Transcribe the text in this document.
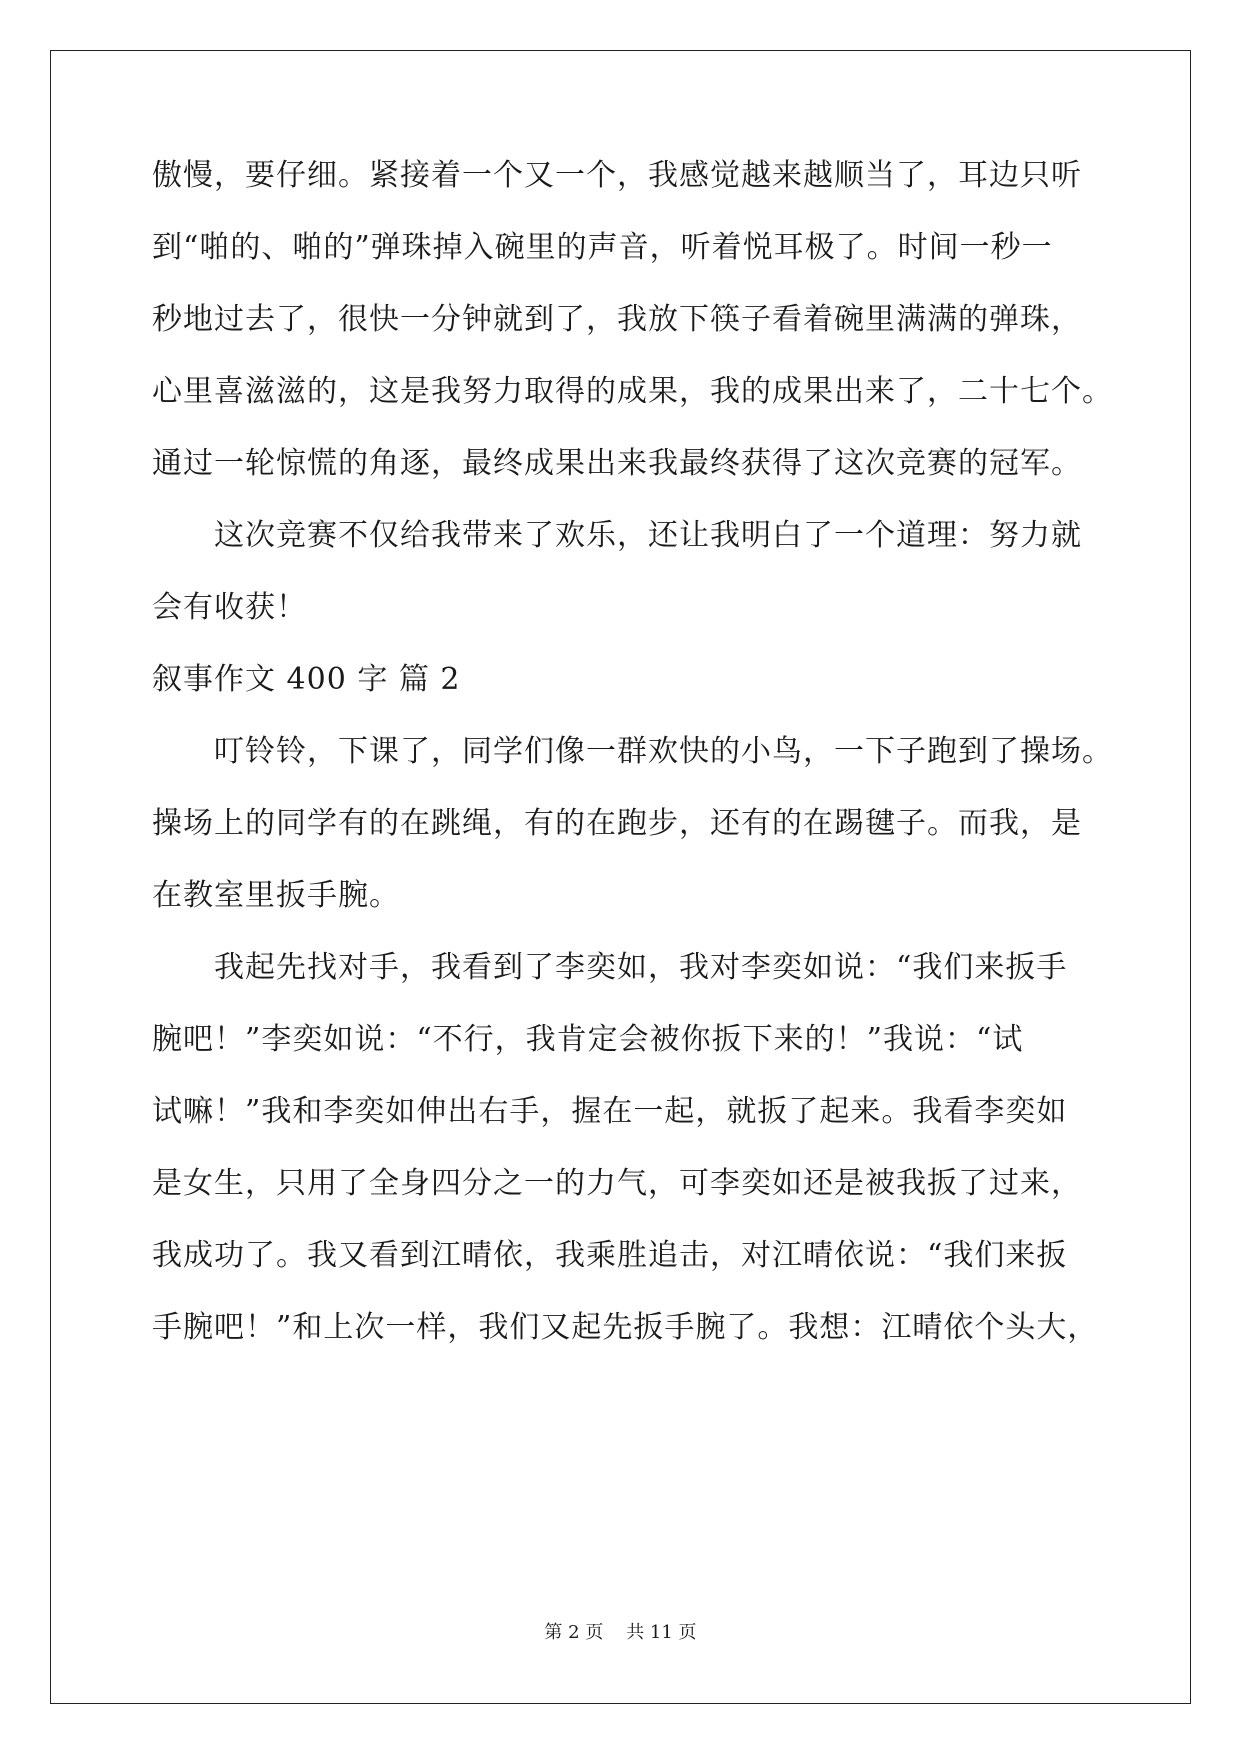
傲慢，要仔细。紧接着一个又一个，我感觉越来越顺当了，耳边只听
到“啪的、啪的”弹珠掉入碗里的声音，听着悦耳极了。时间一秒一
秒地过去了，很快一分钟就到了，我放下筷子看着碗里满满的弹珠，
心里喜滋滋的，这是我努力取得的成果，我的成果出来了，二十七个。
通过一轮惊慌的角逐，最终成果出来我最终获得了这次竞赛的冠军。
这次竞赛不仅给我带来了欢乐，还让我明白了一个道理：努力就
会有收获！
叙事作文 400 字 篇 2
叮铃铃，下课了，同学们像一群欢快的小鸟，一下子跑到了操场。
操场上的同学有的在跳绳，有的在跑步，还有的在踢毽子。而我，是
在教室里扳手腕。
我起先找对手，我看到了李奕如，我对李奕如说：“我们来扳手
腕吧！”李奕如说：“不行，我肯定会被你扳下来的！”我说：“试
试嘛！”我和李奕如伸出右手，握在一起，就扳了起来。我看李奕如
是女生，只用了全身四分之一的力气，可李奕如还是被我扳了过来，
我成功了。我又看到江晴依，我乘胜追击，对江晴依说：“我们来扳
手腕吧！”和上次一样，我们又起先扳手腕了。我想：江晴依个头大，
第 2 页    共 11 页
